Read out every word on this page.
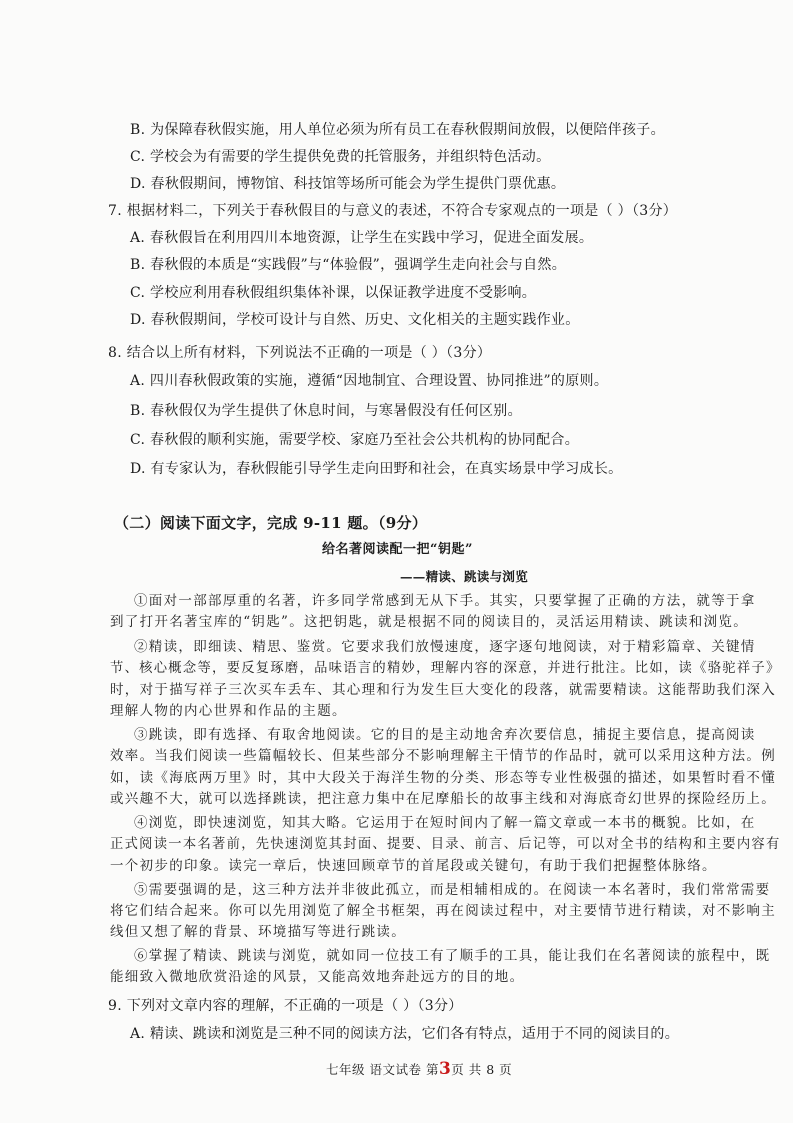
B. 为保障春秋假实施，用人单位必须为所有员工在春秋假期间放假，以便陪伴孩子。
C. 学校会为有需要的学生提供免费的托管服务，并组织特色活动。
D. 春秋假期间，博物馆、科技馆等场所可能会为学生提供门票优惠。
7. 根据材料二，下列关于春秋假目的与意义的表述，不符合专家观点的一项是（ ）（3分）
A. 春秋假旨在利用四川本地资源，让学生在实践中学习，促进全面发展。
B. 春秋假的本质是“实践假”与“体验假”，强调学生走向社会与自然。
C. 学校应利用春秋假组织集体补课，以保证教学进度不受影响。
D. 春秋假期间，学校可设计与自然、历史、文化相关的主题实践作业。
8. 结合以上所有材料，下列说法不正确的一项是（ ）（3分）
A. 四川春秋假政策的实施，遵循“因地制宜、合理设置、协同推进”的原则。
B. 春秋假仅为学生提供了休息时间，与寒暑假没有任何区别。
C. 春秋假的顺利实施，需要学校、家庭乃至社会公共机构的协同配合。
D. 有专家认为，春秋假能引导学生走向田野和社会，在真实场景中学习成长。
（二）阅读下面文字，完成 9-11 题。（9分）
给名著阅读配一把“钥匙”
——精读、跳读与浏览
①面对一部部厚重的名著，许多同学常感到无从下手。其实，只要掌握了正确的方法，就等于拿
到了打开名著宝库的“钥匙”。这把钥匙，就是根据不同的阅读目的，灵活运用精读、跳读和浏览。
②精读，即细读、精思、鉴赏。它要求我们放慢速度，逐字逐句地阅读，对于精彩篇章、关键情
节、核心概念等，要反复琢磨，品味语言的精妙，理解内容的深意，并进行批注。比如，读《骆驼祥子》
时，对于描写祥子三次买车丢车、其心理和行为发生巨大变化的段落，就需要精读。这能帮助我们深入
理解人物的内心世界和作品的主题。
③跳读，即有选择、有取舍地阅读。它的目的是主动地舍弃次要信息，捕捉主要信息，提高阅读
效率。当我们阅读一些篇幅较长、但某些部分不影响理解主干情节的作品时，就可以采用这种方法。例
如，读《海底两万里》时，其中大段关于海洋生物的分类、形态等专业性极强的描述，如果暂时看不懂
或兴趣不大，就可以选择跳读，把注意力集中在尼摩船长的故事主线和对海底奇幻世界的探险经历上。
④浏览，即快速浏览，知其大略。它运用于在短时间内了解一篇文章或一本书的概貌。比如，在
正式阅读一本名著前，先快速浏览其封面、提要、目录、前言、后记等，可以对全书的结构和主要内容有
一个初步的印象。读完一章后，快速回顾章节的首尾段或关键句，有助于我们把握整体脉络。
⑤需要强调的是，这三种方法并非彼此孤立，而是相辅相成的。在阅读一本名著时，我们常常需要
将它们结合起来。你可以先用浏览了解全书框架，再在阅读过程中，对主要情节进行精读，对不影响主
线但又想了解的背景、环境描写等进行跳读。
⑥掌握了精读、跳读与浏览，就如同一位技工有了顺手的工具，能让我们在名著阅读的旅程中，既
能细致入微地欣赏沿途的风景，又能高效地奔赴远方的目的地。
9. 下列对文章内容的理解，不正确的一项是（ ）（3分）
A. 精读、跳读和浏览是三种不同的阅读方法，它们各有特点，适用于不同的阅读目的。
七年级 语文试卷 第3页 共 8 页
